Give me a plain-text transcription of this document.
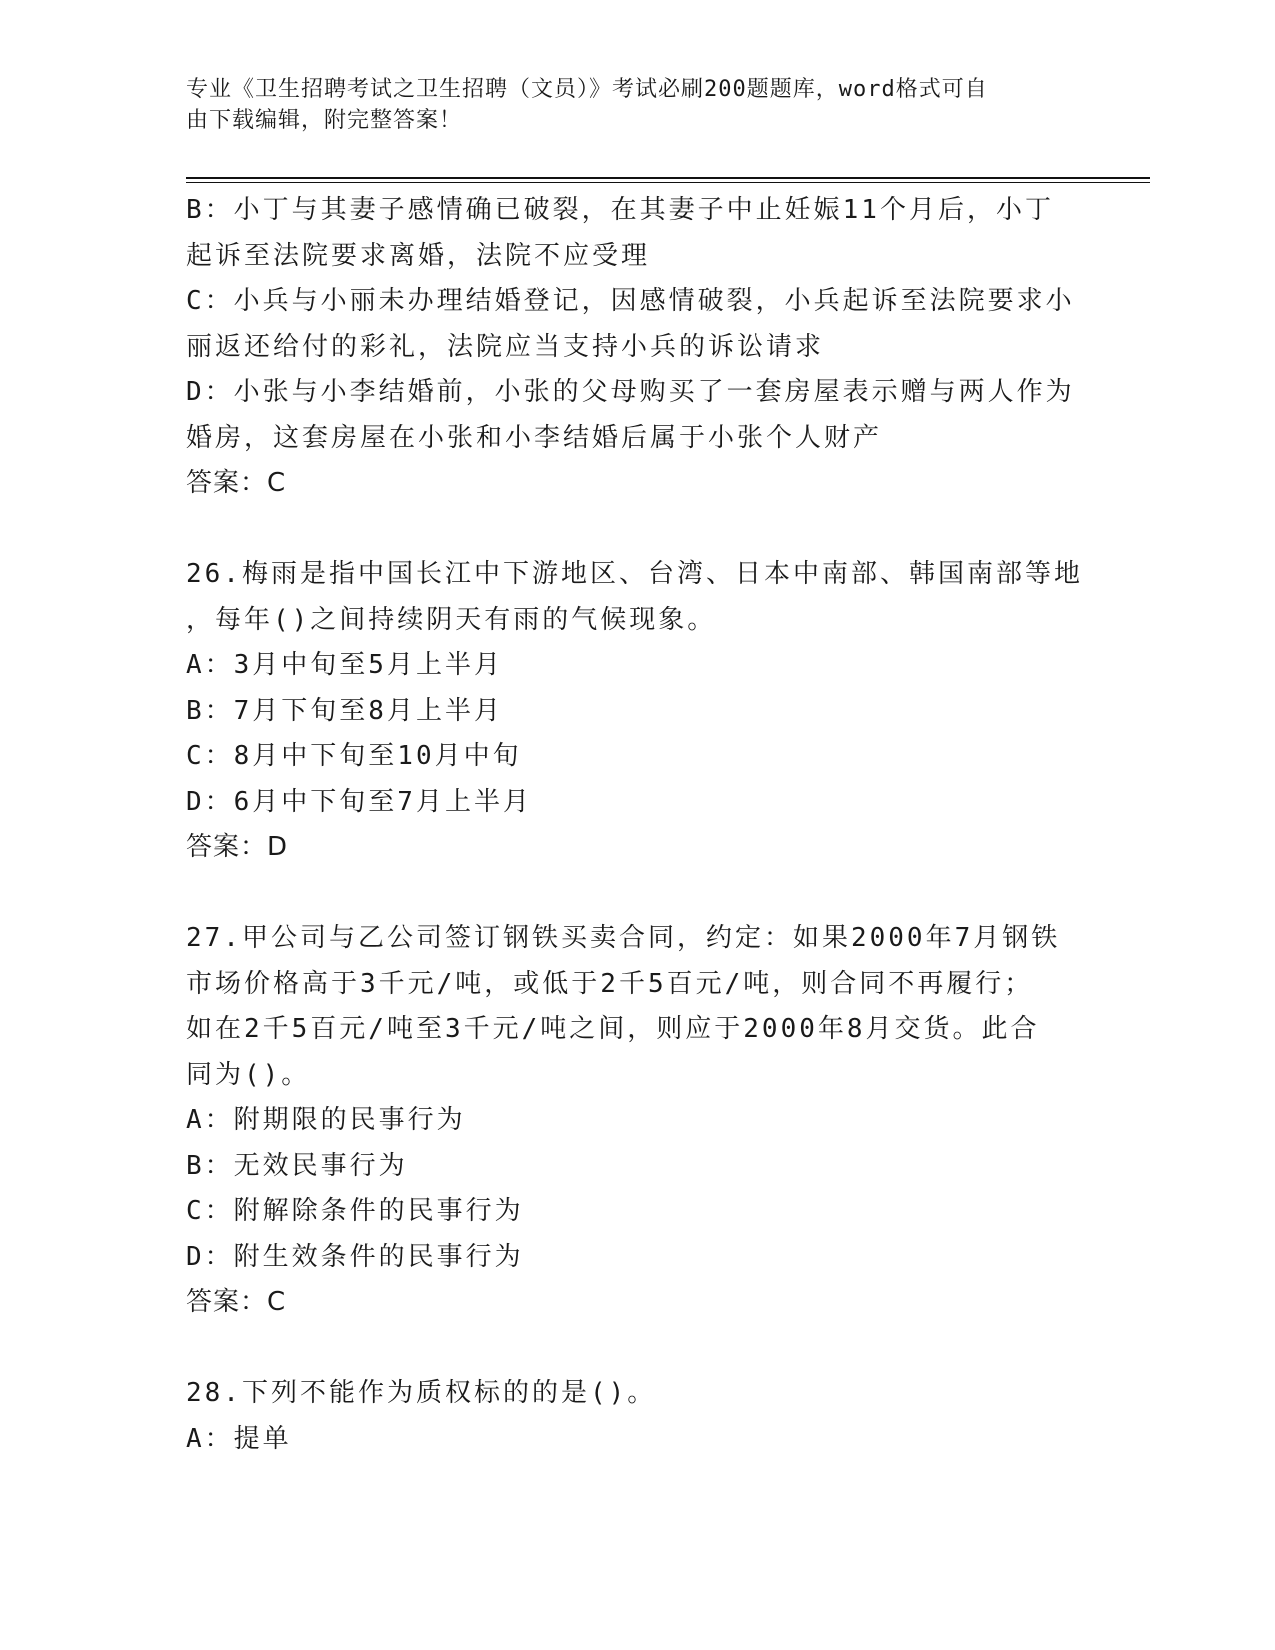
专业《卫生招聘考试之卫生招聘（文员）》考试必刷200题题库，word格式可自
由下载编辑，附完整答案！
B：小丁与其妻子感情确已破裂，在其妻子中止妊娠11个月后，小丁
起诉至法院要求离婚，法院不应受理
C：小兵与小丽未办理结婚登记，因感情破裂，小兵起诉至法院要求小
丽返还给付的彩礼，法院应当支持小兵的诉讼请求
D：小张与小李结婚前，小张的父母购买了一套房屋表示赠与两人作为
婚房，这套房屋在小张和小李结婚后属于小张个人财产
答案：C
26.梅雨是指中国长江中下游地区、台湾、日本中南部、韩国南部等地
，每年()之间持续阴天有雨的气候现象。
A：3月中旬至5月上半月
B：7月下旬至8月上半月
C：8月中下旬至10月中旬
D：6月中下旬至7月上半月
答案：D
27.甲公司与乙公司签订钢铁买卖合同，约定：如果2000年7月钢铁
市场价格高于3千元/吨，或低于2千5百元/吨，则合同不再履行；
如在2千5百元/吨至3千元/吨之间，则应于2000年8月交货。此合
同为()。
A：附期限的民事行为
B：无效民事行为
C：附解除条件的民事行为
D：附生效条件的民事行为
答案：C
28.下列不能作为质权标的的是()。
A：提单
